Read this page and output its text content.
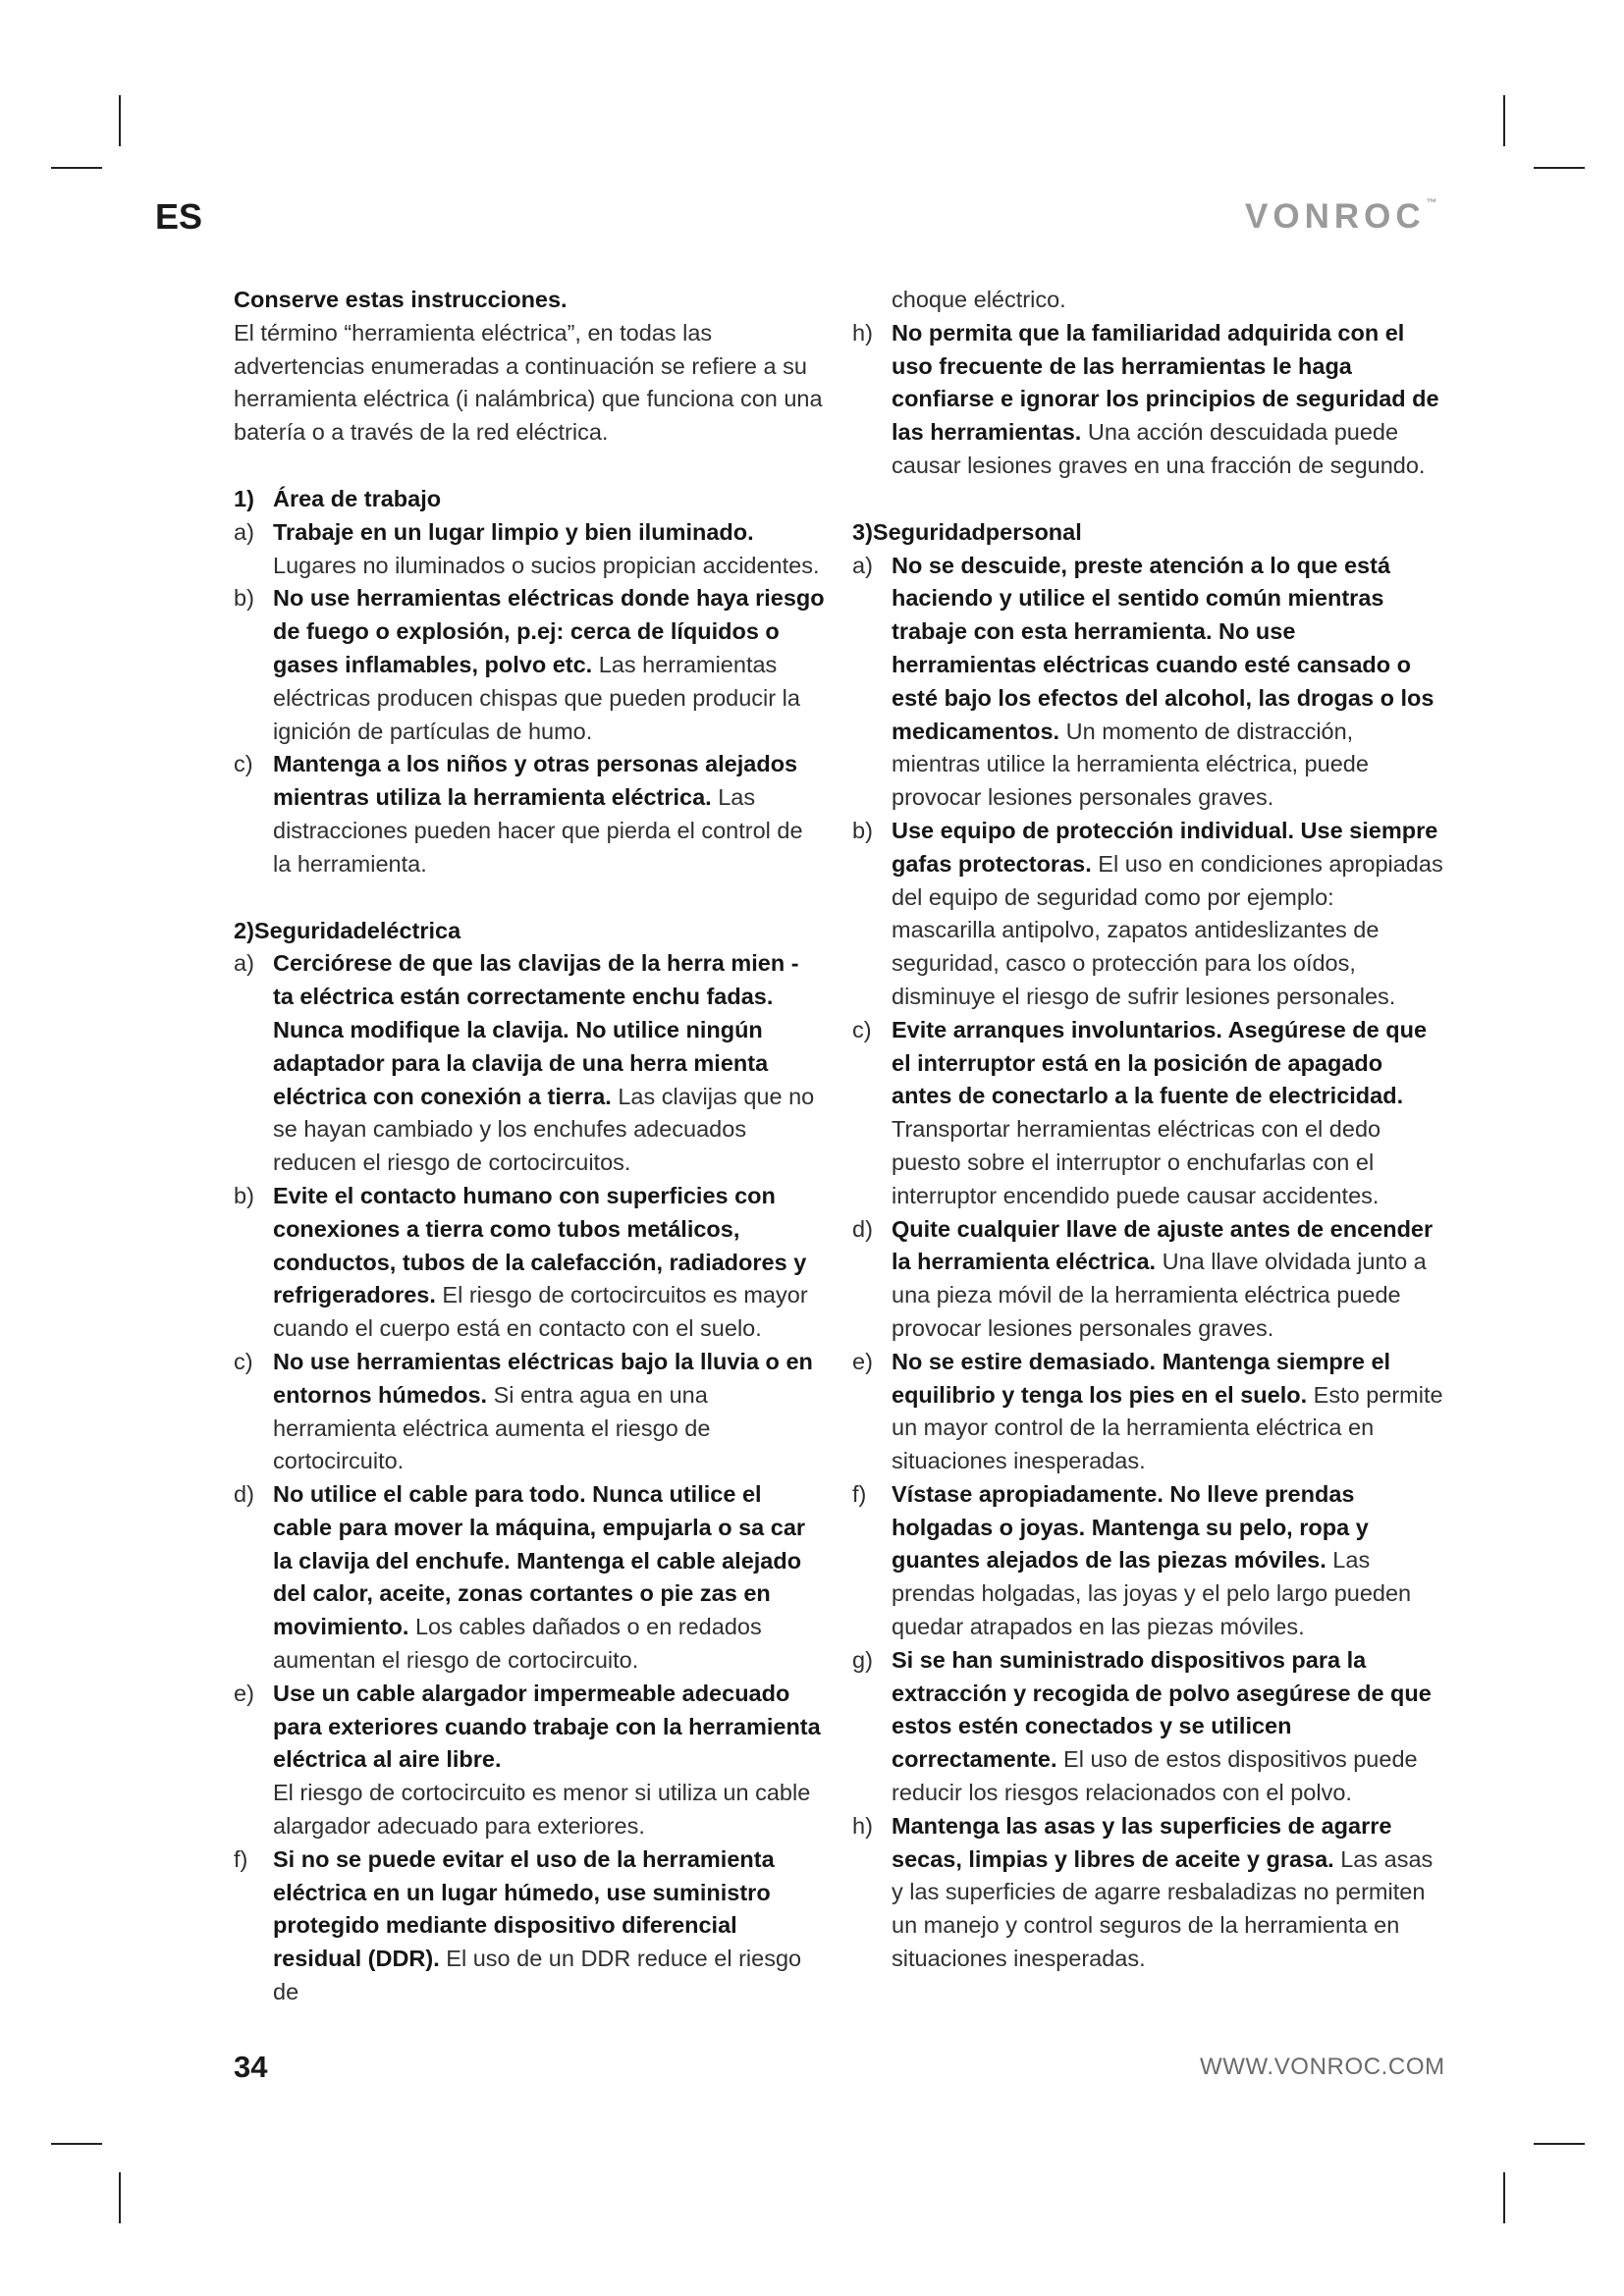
ES	VONROC™

Conserve estas instrucciones.
El término “herramienta eléctrica”, en todas las advertencias enumeradas a continuación se refiere a su herramienta eléctrica (i nalámbrica) que funciona con una batería o a través de la red eléctrica.

1) Área de trabajo

a) Trabaje en un lugar limpio y bien iluminado. Lugares no iluminados o sucios propician accidentes.

b) No use herramientas eléctricas donde haya riesgo de fuego o explosión, p.ej: cerca de líquidos o gases inflamables, polvo etc. Las herramientas eléctricas producen chispas que pueden producir la ignición de partículas de humo.

c) Mantenga a los niños y otras personas alejados mientras utiliza la herramienta eléctrica. Las distracciones pueden hacer que pierda el control de la herramienta.

2)Seguridadeléctrica

a) Cerciórese de que las clavijas de la herra mien - ta eléctrica están correctamente enchu fadas. Nunca modifique la clavija. No utilice ningún adaptador para la clavija de una herra mienta eléctrica con conexión a tierra. Las clavijas que no se hayan cambiado y los enchufes adecuados reducen el riesgo de cortocircuitos.

b) Evite el contacto humano con superficies con conexiones a tierra como tubos metálicos, conductos, tubos de la calefacción, radiadores y refrigeradores. El riesgo de cortocircuitos es mayor cuando el cuerpo está en contacto con el suelo.

c) No use herramientas eléctricas bajo la lluvia o en entornos húmedos. Si entra agua en una herramienta eléctrica aumenta el riesgo de cortocircuito.

d) No utilice el cable para todo. Nunca utilice el cable para mover la máquina, empujarla o sa car la clavija del enchufe. Mantenga el cable alejado del calor, aceite, zonas cortantes o pie zas en movimiento. Los cables dañados o en redados aumentan el riesgo de cortocircuito.

e) Use un cable alargador impermeable adecuado para exteriores cuando trabaje con la herramienta eléctrica al aire libre.
El riesgo de cortocircuito es menor si utiliza un cable alargador adecuado para exteriores.

f) Si no se puede evitar el uso de la herramienta eléctrica en un lugar húmedo, use suministro protegido mediante dispositivo diferencial residual (DDR). El uso de un DDR reduce el riesgo de

choque eléctrico.

h) No permita que la familiaridad adquirida con el uso frecuente de las herramientas le haga confiarse e ignorar los principios de seguridad de las herramientas. Una acción descuidada puede causar lesiones graves en una fracción de segundo.

3)Seguridadpersonal

a) No se descuide, preste atención a lo que está haciendo y utilice el sentido común mientras trabaje con esta herramienta. No use herramientas eléctricas cuando esté cansado o esté bajo los efectos del alcohol, las drogas o los medicamentos. Un momento de distracción, mientras utilice la herramienta eléctrica, puede provocar lesiones personales graves.

b) Use equipo de protección individual. Use siempre gafas protectoras. El uso en condiciones apropiadas del equipo de seguridad como por ejemplo: mascarilla antipolvo, zapatos antideslizantes de seguridad, casco o protección para los oídos, disminuye el riesgo de sufrir lesiones personales.

c) Evite arranques involuntarios. Asegúrese de que el interruptor está en la posición de apagado antes de conectarlo a la fuente de electricidad. Transportar herramientas eléctricas con el dedo puesto sobre el interruptor o enchufarlas con el interruptor encendido puede causar accidentes.

d) Quite cualquier llave de ajuste antes de encender la herramienta eléctrica. Una llave olvidada junto a una pieza móvil de la herramienta eléctrica puede provocar lesiones personales graves.

e) No se estire demasiado. Mantenga siempre el equilibrio y tenga los pies en el suelo. Esto permite un mayor control de la herramienta eléctrica en situaciones inesperadas.

f) Vístase apropiadamente. No lleve prendas holgadas o joyas. Mantenga su pelo, ropa y guantes alejados de las piezas móviles. Las prendas holgadas, las joyas y el pelo largo pueden quedar atrapados en las piezas móviles.

g) Si se han suministrado dispositivos para la extracción y recogida de polvo asegúrese de que estos estén conectados y se utilicen correctamente. El uso de estos dispositivos puede reducir los riesgos relacionados con el polvo.

h) Mantenga las asas y las superficies de agarre secas, limpias y libres de aceite y grasa. Las asas y las superficies de agarre resbaladizas no permiten un manejo y control seguros de la herramienta en situaciones inesperadas.

34	WWW.VONROC.COM
